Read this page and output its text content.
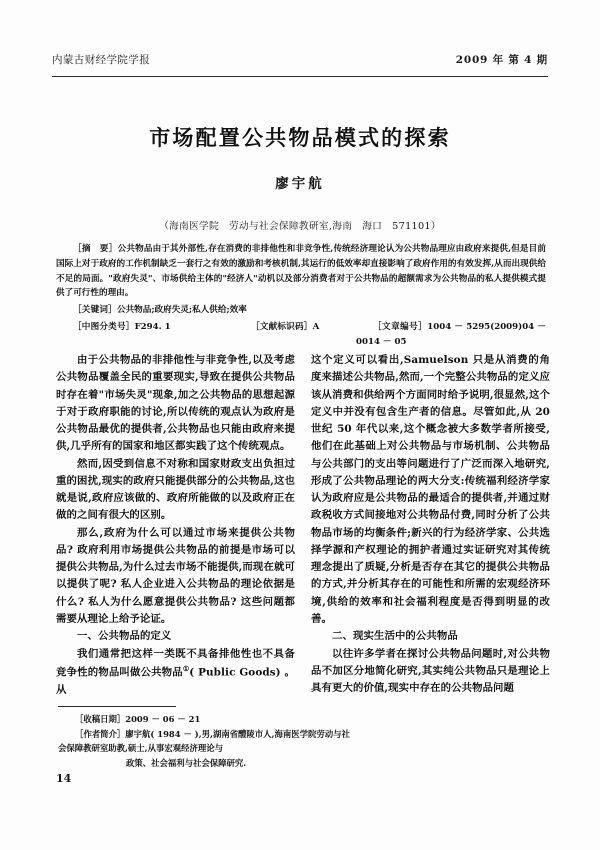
内蒙古财经学院学报	2009 年 第 4 期
市场配置公共物品模式的探索
廖宇航
（海南医学院　劳动与社会保障教研室,海南　海口　571101）
［摘　要］公共物品由于其外部性,存在消费的非排他性和非竞争性,传统经济理论认为公共物品理应由政府来提供,但是目前国际上对于政府的工作机制缺乏一套行之有效的激励和考核机制,其运行的低效率却直接影响了政府作用的有效发挥,从而出现供给不足的局面。"政府失灵"、市场供给主体的"经济人"动机以及部分消费者对于公共物品的超额需求为公共物品的私人提供模式提供了可行性的理由。
［关键词］公共物品;政府失灵;私人供给;效率
［中图分类号］F294. 1	［文献标识码］A	［文章编号］1004 － 5295(2009)04 － 0014 － 05

由于公共物品的非排他性与非竞争性,以及考虑公共物品覆盖全民的重要现实,导致在提供公共物品时存在着"市场失灵"现象,加之公共物品的思想起源于对于政府职能的讨论,所以传统的观点认为政府是公共物品最优的提供者,公共物品也只能由政府来提供,几乎所有的国家和地区都实践了这个传统观点。

然而,因受到信息不对称和国家财政支出负担过重的困扰,现实的政府只能提供部分的公共物品,这也就是说,政府应该做的、政府所能做的以及政府正在做的之间有很大的区别。

那么,政府为什么可以通过市场来提供公共物品? 政府利用市场提供公共物品的前提是市场可以提供公共物品,为什么过去市场不能提供,而现在就可以提供了呢? 私人企业进入公共物品的理论依据是什么? 私人为什么愿意提供公共物品? 这些问题都需要从理论上给予论证。

一、公共物品的定义

我们通常把这样一类既不具备排他性也不具备竞争性的物品叫做公共物品①( Public Goods) 。从

这个定义可以看出,Samuelson 只是从消费的角度来描述公共物品,然而,一个完整公共物品的定义应该从消费和供给两个方面同时给予说明,很显然,这个定义中并没有包含生产者的信息。尽管如此,从 20 世纪 50 年代以来,这个概念被大多数学者所接受,他们在此基础上对公共物品与市场机制、公共物品与公共部门的支出等问题进行了广泛而深入地研究,形成了公共物品理论的两大分支:传统福利经济学家认为政府应是公共物品的最适合的提供者,并通过财政税收方式间接地对公共物品付费,同时分析了公共物品市场的均衡条件;新兴的行为经济学家、公共选择学源和产权理论的拥护者通过实证研究对其传统理念提出了质疑,分析是否存在其它的提供公共物品的方式,并分析其存在的可能性和所需的宏观经济环境,供给的效率和社会福利程度是否得到明显的改善。

二、现实生活中的公共物品

以往许多学者在探讨公共物品问题时,对公共物品不加区分地简化研究,其实纯公共物品只是理论上具有更大的价值,现实中存在的公共物品问题

［收稿日期］2009 － 06 － 21
［作者简介］廖宇航( 1984 － ),男,湖南省醴陵市人,海南医学院劳动与社会保障教研室助教,硕士,从事宏观经济理论与
政策、社会福利与社会保障研究.
14
